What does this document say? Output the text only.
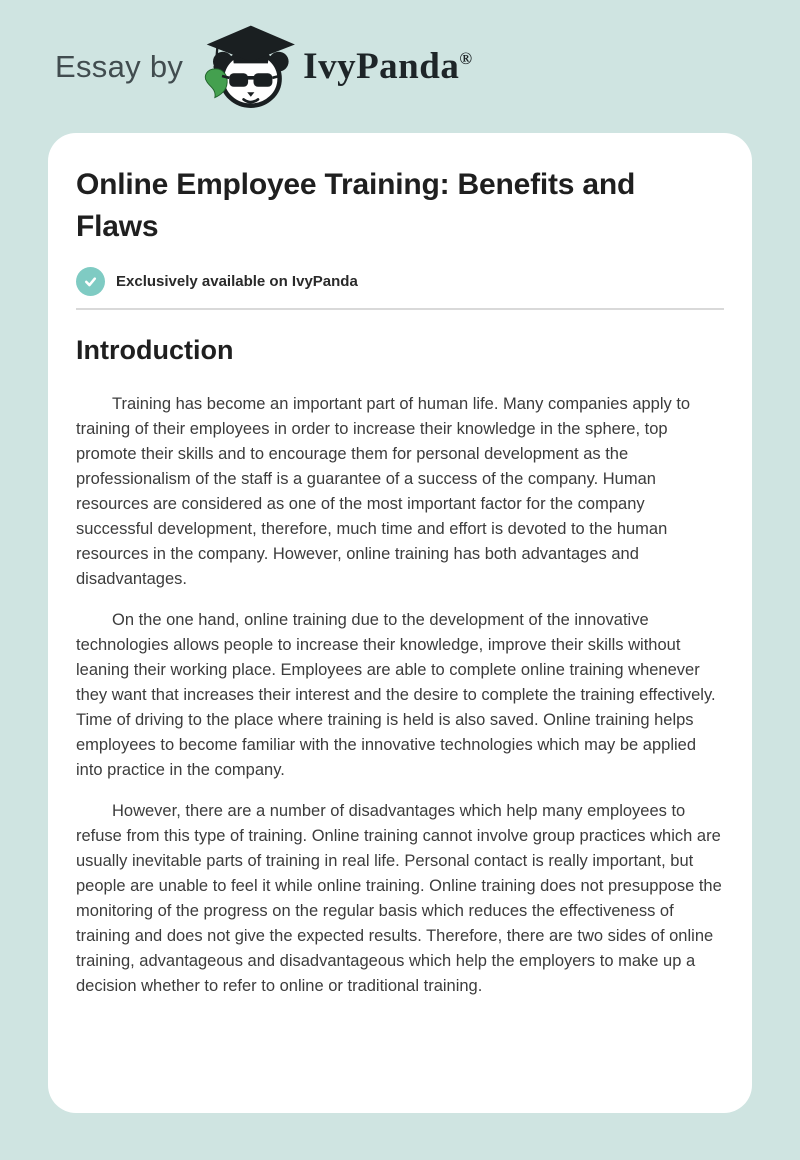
Essay by	IvyPanda®
Online Employee Training: Benefits and Flaws
Exclusively available on IvyPanda
Introduction

Training has become an important part of human life. Many companies apply to training of their employees in order to increase their knowledge in the sphere, top promote their skills and to encourage them for personal development as the professionalism of the staff is a guarantee of a success of the company. Human resources are considered as one of the most important factor for the company successful development, therefore, much time and effort is devoted to the human resources in the company. However, online training has both advantages and disadvantages.

On the one hand, online training due to the development of the innovative technologies allows people to increase their knowledge, improve their skills without leaning their working place. Employees are able to complete online training whenever they want that increases their interest and the desire to complete the training effectively. Time of driving to the place where training is held is also saved. Online training helps employees to become familiar with the innovative technologies which may be applied into practice in the company.

However, there are a number of disadvantages which help many employees to refuse from this type of training. Online training cannot involve group practices which are usually inevitable parts of training in real life. Personal contact is really important, but people are unable to feel it while online training. Online training does not presuppose the monitoring of the progress on the regular basis which reduces the effectiveness of training and does not give the expected results. Therefore, there are two sides of online training, advantageous and disadvantageous which help the employers to make up a decision whether to refer to online or traditional training.
